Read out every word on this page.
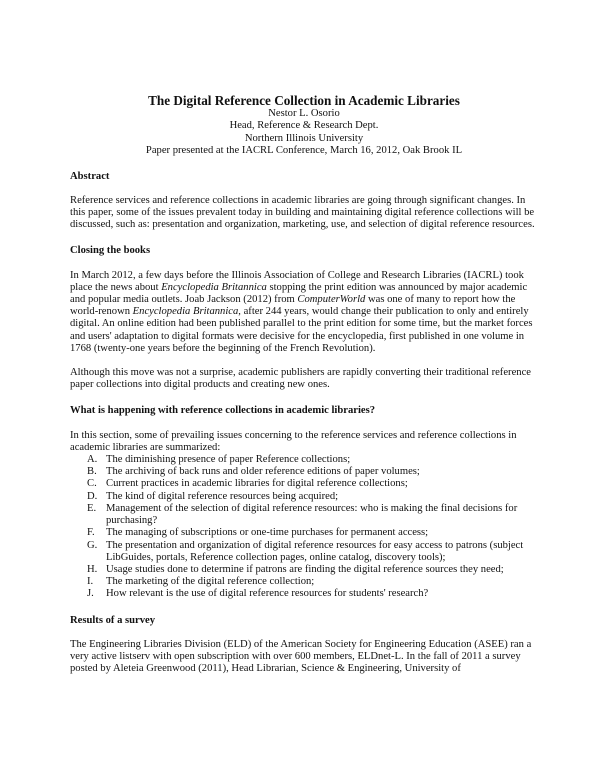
The Digital Reference Collection in Academic Libraries
Nestor L. Osorio
Head, Reference & Research Dept.
Northern Illinois University
Paper presented at the IACRL Conference, March 16, 2012, Oak Brook IL
Abstract

Reference services and reference collections in academic libraries are going through significant changes. In this paper, some of the issues prevalent today in building and maintaining digital reference collections will be discussed, such as: presentation and organization, marketing, use, and selection of digital reference resources.

Closing the books

In March 2012, a few days before the Illinois Association of College and Research Libraries (IACRL) took place the news about Encyclopedia Britannica stopping the print edition was announced by major academic and popular media outlets. Joab Jackson (2012) from ComputerWorld was one of many to report how the world-renown Encyclopedia Britannica, after 244 years, would change their publication to only and entirely digital. An online edition had been published parallel to the print edition for some time, but the market forces and users' adaptation to digital formats were decisive for the encyclopedia, first published in one volume in 1768 (twenty-one years before the beginning of the French Revolution).

Although this move was not a surprise, academic publishers are rapidly converting their traditional reference paper collections into digital products and creating new ones.

What is happening with reference collections in academic libraries?

In this section, some of prevailing issues concerning to the reference services and reference collections in academic libraries are summarized:

A. The diminishing presence of paper Reference collections;
B. The archiving of back runs and older reference editions of paper volumes;
C. Current practices in academic libraries for digital reference collections;
D. The kind of digital reference resources being acquired;
E. Management of the selection of digital reference resources: who is making the final decisions for purchasing?
F. The managing of subscriptions or one-time purchases for permanent access;
G. The presentation and organization of digital reference resources for easy access to patrons (subject LibGuides, portals, Reference collection pages, online catalog, discovery tools);
H. Usage studies done to determine if patrons are finding the digital reference sources they need;
I. The marketing of the digital reference collection;
J. How relevant is the use of digital reference resources for students' research?
Results of a survey

The Engineering Libraries Division (ELD) of the American Society for Engineering Education (ASEE) ran a very active listserv with open subscription with over 600 members, ELDnet-L. In the fall of 2011 a survey posted by Aleteia Greenwood (2011), Head Librarian, Science & Engineering, University of
